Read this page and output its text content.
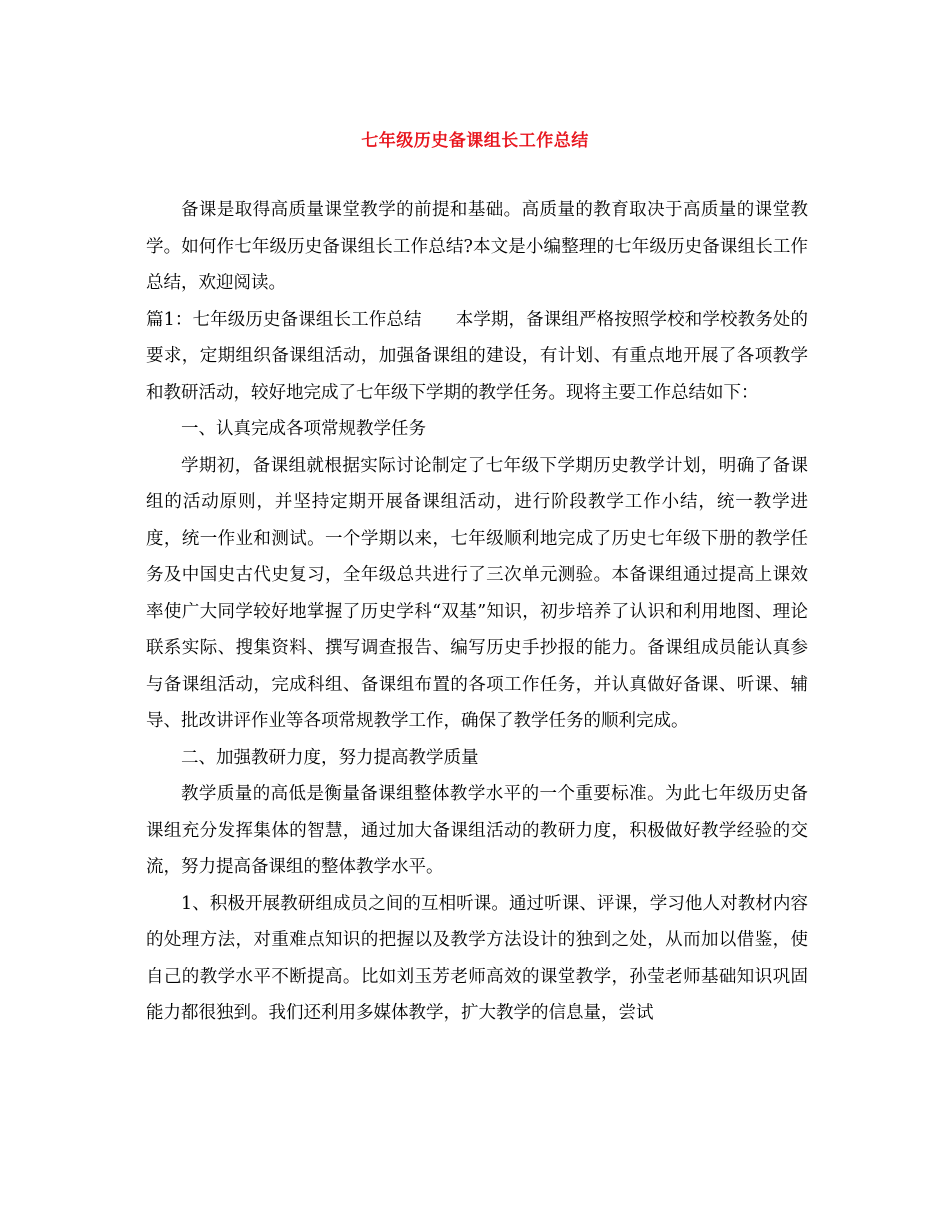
七年级历史备课组长工作总结

备课是取得高质量课堂教学的前提和基础。高质量的教育取决于高质量的课堂教学。如何作七年级历史备课组长工作总结?本文是小编整理的七年级历史备课组长工作总结，欢迎阅读。

篇1：七年级历史备课组长工作总结 本学期，备课组严格按照学校和学校教务处的要求，定期组织备课组活动，加强备课组的建设，有计划、有重点地开展了各项教学和教研活动，较好地完成了七年级下学期的教学任务。现将主要工作总结如下：

一、认真完成各项常规教学任务

学期初，备课组就根据实际讨论制定了七年级下学期历史教学计划，明确了备课组的活动原则，并坚持定期开展备课组活动，进行阶段教学工作小结，统一教学进度，统一作业和测试。一个学期以来，七年级顺利地完成了历史七年级下册的教学任务及中国史古代史复习，全年级总共进行了三次单元测验。本备课组通过提高上课效率使广大同学较好地掌握了历史学科“双基”知识，初步培养了认识和利用地图、理论联系实际、搜集资料、撰写调查报告、编写历史手抄报的能力。备课组成员能认真参与备课组活动，完成科组、备课组布置的各项工作任务，并认真做好备课、听课、辅导、批改讲评作业等各项常规教学工作，确保了教学任务的顺利完成。

二、加强教研力度，努力提高教学质量

教学质量的高低是衡量备课组整体教学水平的一个重要标准。为此七年级历史备课组充分发挥集体的智慧，通过加大备课组活动的教研力度，积极做好教学经验的交流，努力提高备课组的整体教学水平。

1、积极开展教研组成员之间的互相听课。通过听课、评课，学习他人对教材内容的处理方法，对重难点知识的把握以及教学方法设计的独到之处，从而加以借鉴，使自己的教学水平不断提高。比如刘玉芳老师高效的课堂教学，孙莹老师基础知识巩固能力都很独到。我们还利用多媒体教学，扩大教学的信息量，尝试
